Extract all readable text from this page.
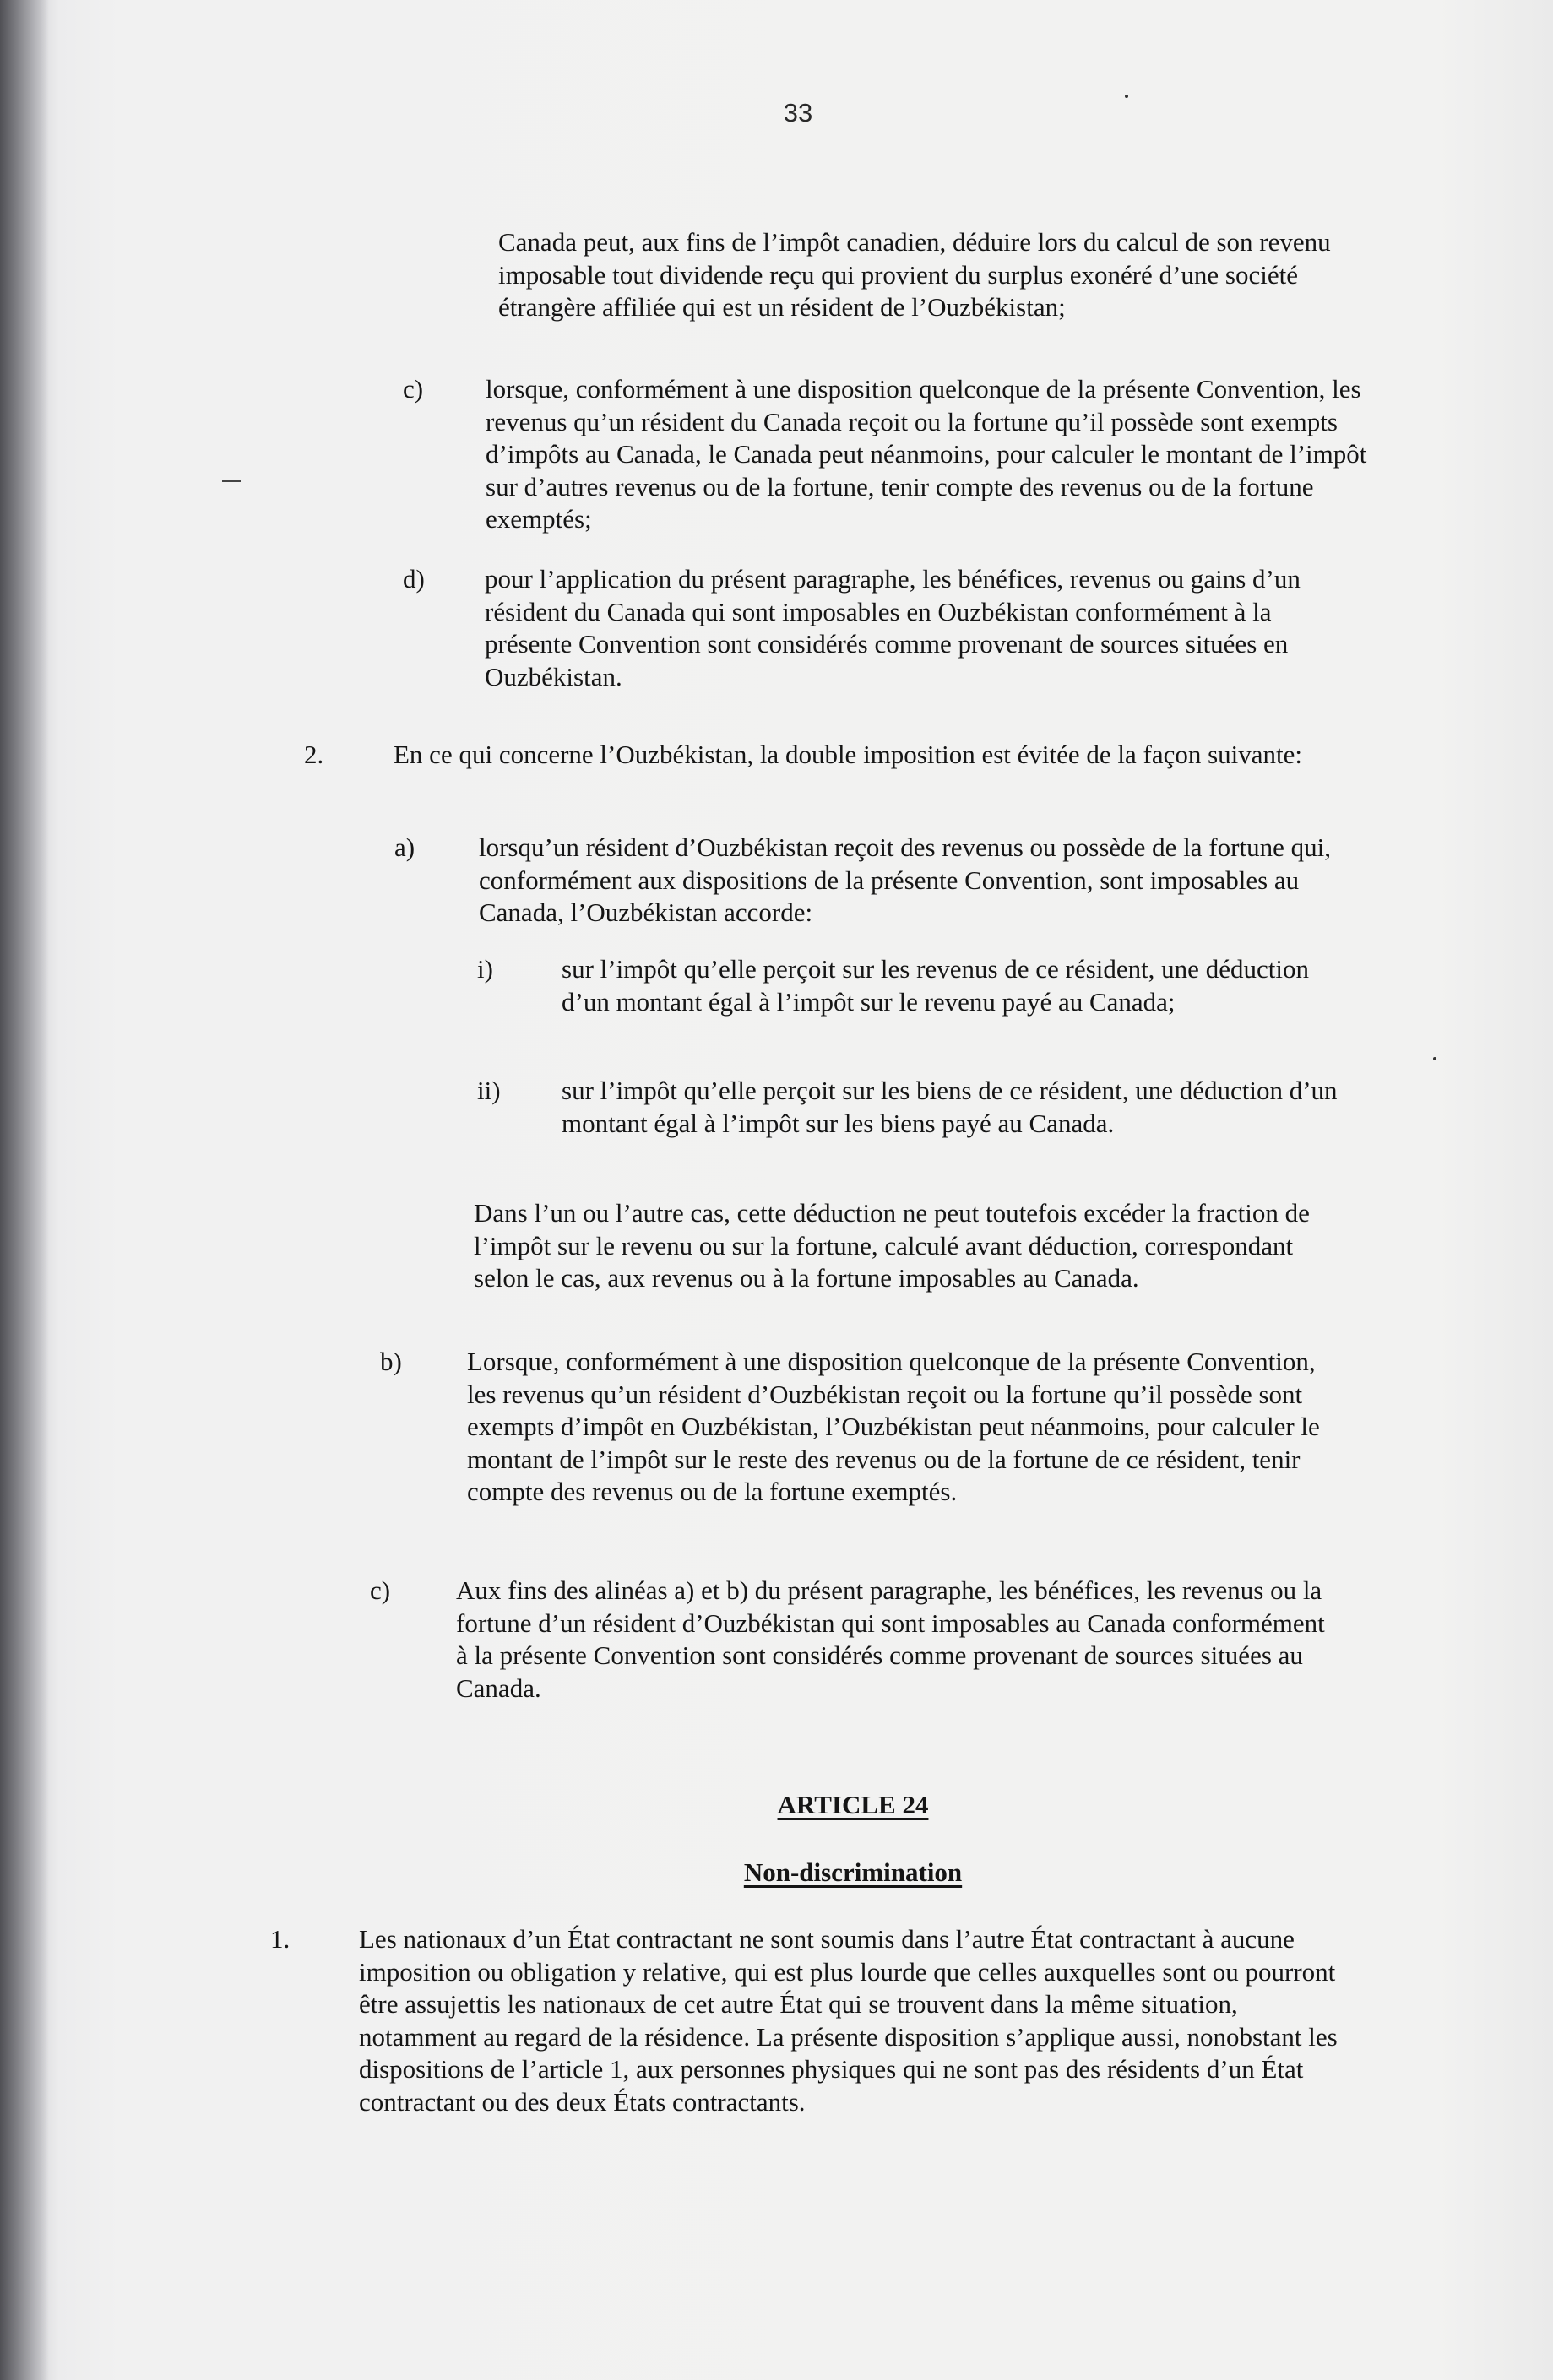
33
Canada peut, aux fins de l’impôt canadien, déduire lors du calcul de son revenu imposable tout dividende reçu qui provient du surplus exonéré d’une société étrangère affiliée qui est un résident de l’Ouzbékistan;
c) lorsque, conformément à une disposition quelconque de la présente Convention, les revenus qu’un résident du Canada reçoit ou la fortune qu’il possède sont exempts d’impôts au Canada, le Canada peut néanmoins, pour calculer le montant de l’impôt sur d’autres revenus ou de la fortune, tenir compte des revenus ou de la fortune exemptés;
d) pour l’application du présent paragraphe, les bénéfices, revenus ou gains d’un résident du Canada qui sont imposables en Ouzbékistan conformément à la présente Convention sont considérés comme provenant de sources situées en Ouzbékistan.
2.	En ce qui concerne l’Ouzbékistan, la double imposition est évitée de la façon suivante:
a) lorsqu’un résident d’Ouzbékistan reçoit des revenus ou possède de la fortune qui, conformément aux dispositions de la présente Convention, sont imposables au Canada, l’Ouzbékistan accorde:
i)	sur l’impôt qu’elle perçoit sur les revenus de ce résident, une déduction d’un montant égal à l’impôt sur le revenu payé au Canada;
ii) sur l’impôt qu’elle perçoit sur les biens de ce résident, une déduction d’un montant égal à l’impôt sur les biens payé au Canada.
Dans l’un ou l’autre cas, cette déduction ne peut toutefois excéder la fraction de l’impôt sur le revenu ou sur la fortune, calculé avant déduction, correspondant selon le cas, aux revenus ou à la fortune imposables au Canada.
b) Lorsque, conformément à une disposition quelconque de la présente Convention, les revenus qu’un résident d’Ouzbékistan reçoit ou la fortune qu’il possède sont exempts d’impôt en Ouzbékistan, l’Ouzbékistan peut néanmoins, pour calculer le montant de l’impôt sur le reste des revenus ou de la fortune de ce résident, tenir compte des revenus ou de la fortune exemptés.
c)	Aux fins des alinéas a) et b) du présent paragraphe, les bénéfices, les revenus ou la fortune d’un résident d’Ouzbékistan qui sont imposables au Canada conformément à la présente Convention sont considérés comme provenant de sources situées au Canada.
ARTICLE 24
Non-discrimination
1.	Les nationaux d’un État contractant ne sont soumis dans l’autre État contractant à aucune imposition ou obligation y relative, qui est plus lourde que celles auxquelles sont ou pourront être assujettis les nationaux de cet autre État qui se trouvent dans la même situation, notamment au regard de la résidence. La présente disposition s’applique aussi, nonobstant les dispositions de l’article 1, aux personnes physiques qui ne sont pas des résidents d’un État contractant ou des deux États contractants.
